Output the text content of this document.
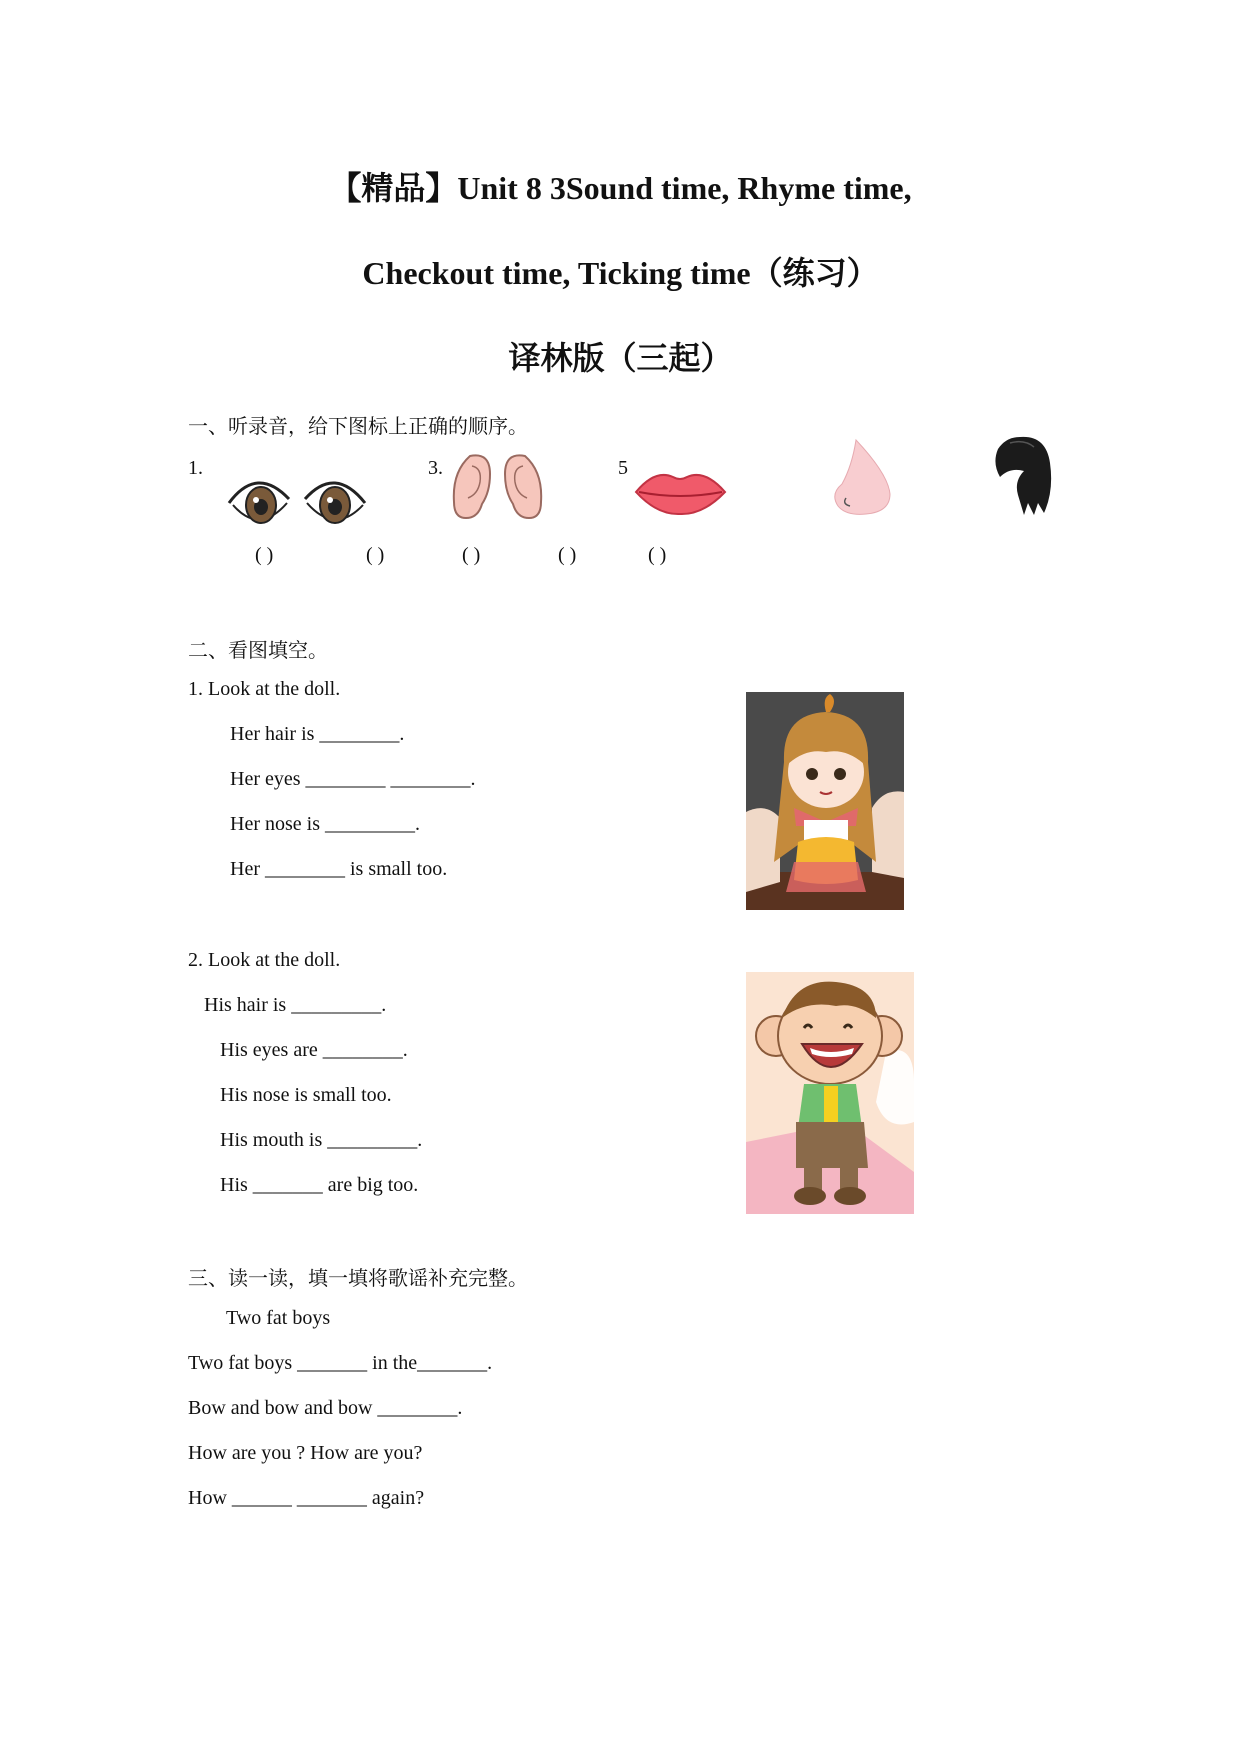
【精品】Unit 8 3Sound time, Rhyme time,
Checkout time, Ticking time（练习）
译林版（三起）
一、听录音，给下图标上正确的顺序。
1.	3.	5
( )	( )	( )	( )	( )
二、看图填空。
1. Look at the doll.
Her hair is ________.
Her eyes ________ ________.
Her nose is _________.
Her ________ is small too.
2. Look at the doll.
His hair is _________.
His eyes are ________.
His nose is small too.
His mouth is _________.
His _______ are big too.
三、读一读，填一填将歌谣补充完整。
Two fat boys
Two fat boys _______ in the_______.
Bow and bow and bow ________.
How are you ? How are you?
How ______ _______ again?
